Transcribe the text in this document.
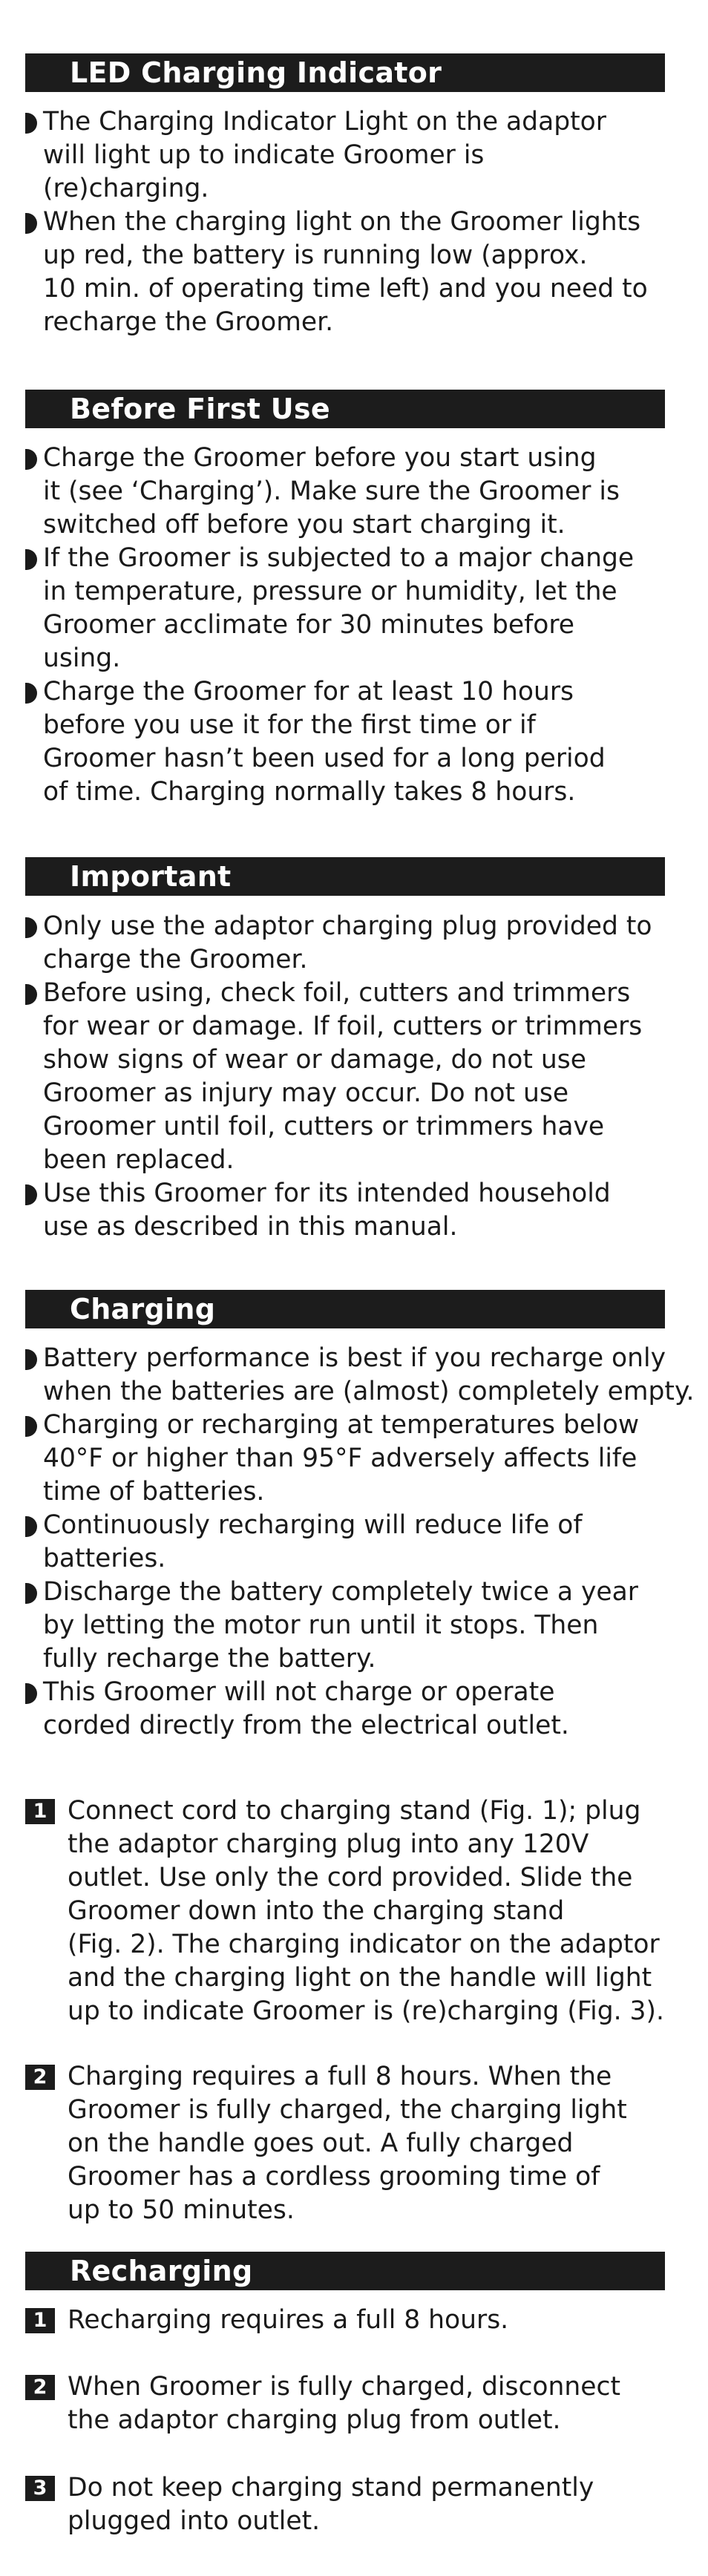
LED Charging Indicator
The Charging Indicator Light on the adaptor
will light up to indicate Groomer is
(re)charging.
When the charging light on the Groomer lights
up red, the battery is running low (approx.
10 min. of operating time left) and you need to
recharge the Groomer.
Before First Use
Charge the Groomer before you start using
it (see ‘Charging’). Make sure the Groomer is
switched off before you start charging it.
If the Groomer is subjected to a major change
in temperature, pressure or humidity, let the
Groomer acclimate for 30 minutes before
using.
Charge the Groomer for at least 10 hours
before you use it for the first time or if
Groomer hasn’t been used for a long period
of time. Charging normally takes 8 hours.
Important
Only use the adaptor charging plug provided to
charge the Groomer.
Before using, check foil, cutters and trimmers
for wear or damage. If foil, cutters or trimmers
show signs of wear or damage, do not use
Groomer as injury may occur. Do not use
Groomer until foil, cutters or trimmers have
been replaced.
Use this Groomer for its intended household
use as described in this manual.
Charging
Battery performance is best if you recharge only
when the batteries are (almost) completely empty.
Charging or recharging at temperatures below
40°F or higher than 95°F adversely affects life
time of batteries.
Continuously recharging will reduce life of
batteries.
Discharge the battery completely twice a year
by letting the motor run until it stops. Then
fully recharge the battery.
This Groomer will not charge or operate
corded directly from the electrical outlet.
1 Connect cord to charging stand (Fig. 1); plug
the adaptor charging plug into any 120V
outlet. Use only the cord provided. Slide the
Groomer down into the charging stand
(Fig. 2). The charging indicator on the adaptor
and the charging light on the handle will light
up to indicate Groomer is (re)charging (Fig. 3).
2 Charging requires a full 8 hours. When the
Groomer is fully charged, the charging light
on the handle goes out. A fully charged
Groomer has a cordless grooming time of
up to 50 minutes.
Recharging
1 Recharging requires a full 8 hours.
2 When Groomer is fully charged, disconnect
the adaptor charging plug from outlet.
3 Do not keep charging stand permanently
plugged into outlet.
